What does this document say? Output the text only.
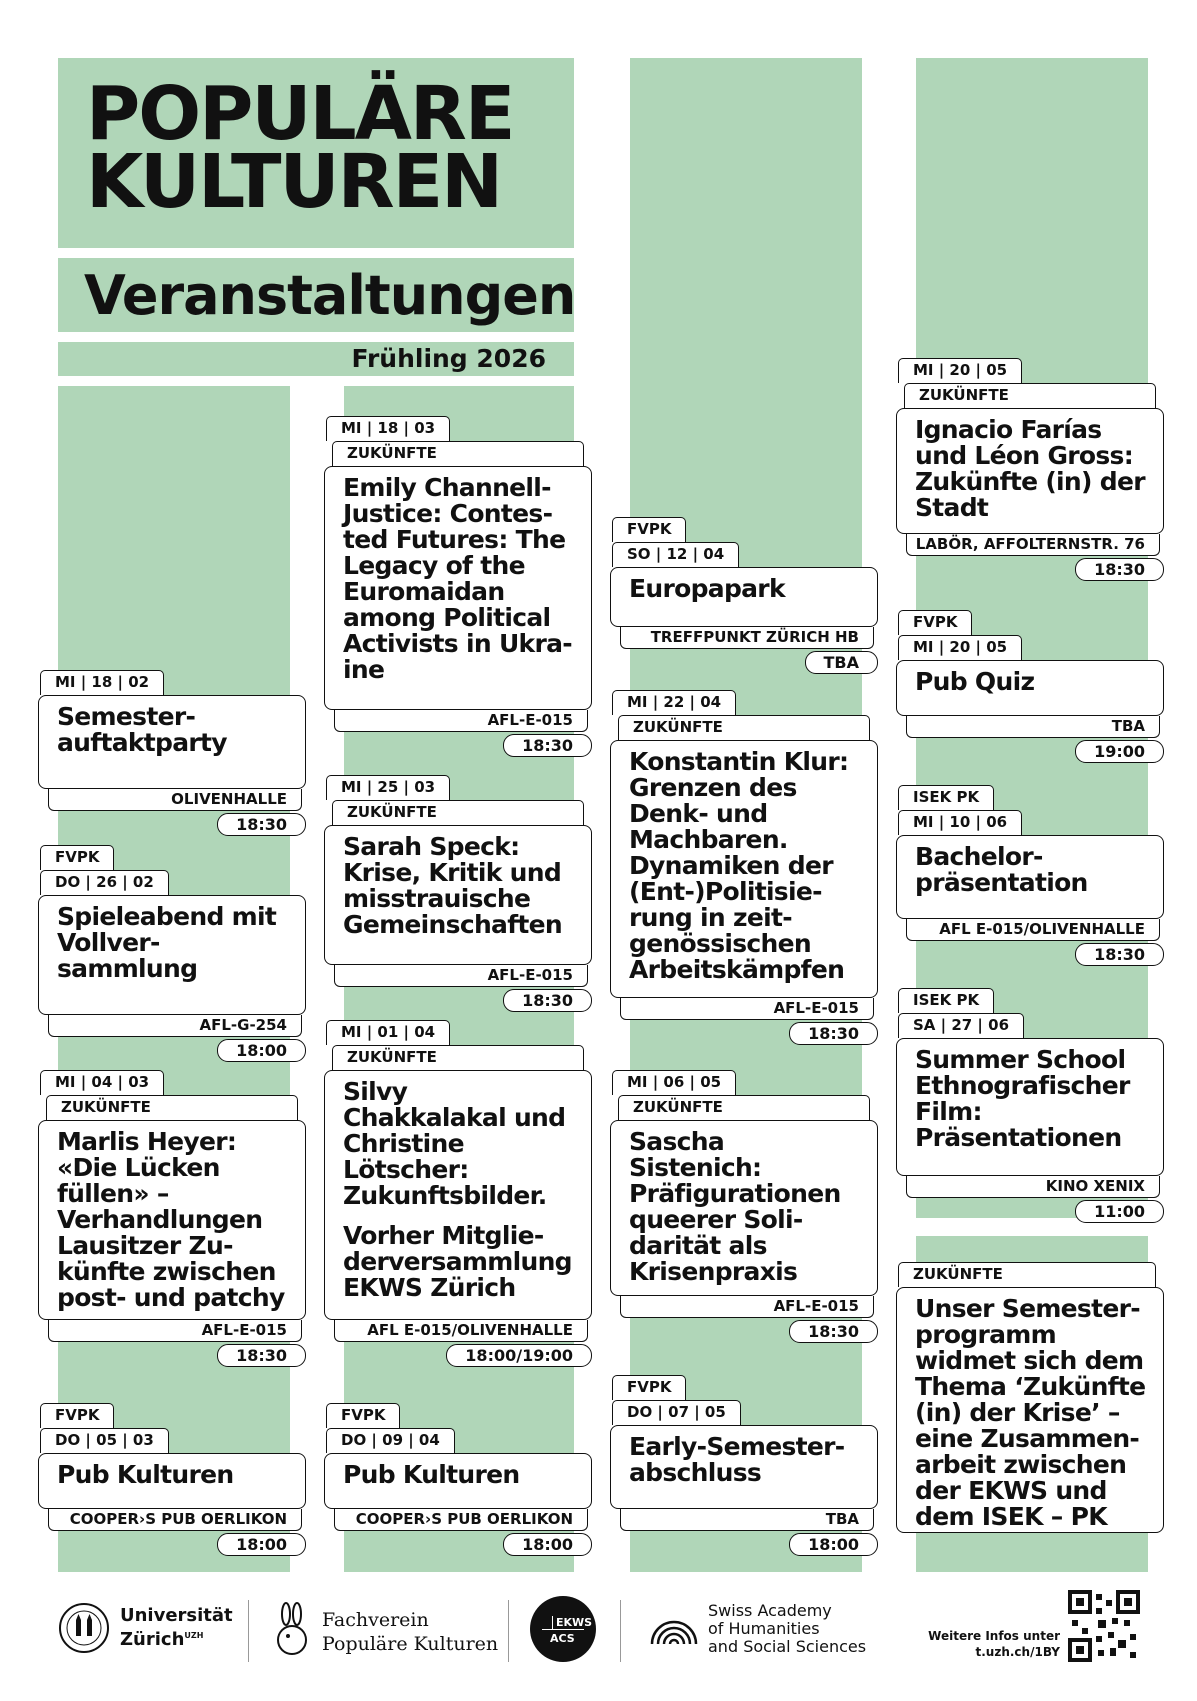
POPULÄRE
KULTUREN
Veranstaltungen
Frühling 2026
MI | 18 | 02
Semester-auftaktparty
OLIVENHALLE
18:30
FVPK
DO | 26 | 02
Spieleabend mit Vollver-sammlung
AFL-G-254
18:00
MI | 04 | 03
ZUKÜNFTE
Marlis Heyer: «Die Lücken füllen» – Verhandlungen Lausitzer Zu-künfte zwischen post- und patchy
AFL-E-015
18:30
FVPK
DO | 05 | 03
Pub Kulturen
COOPER›S PUB OERLIKON
18:00
MI | 18 | 03
ZUKÜNFTE
Emily Channell-Justice: Contes-ted Futures: The Legacy of the Euromaidan among Political Activists in Ukra-ine
AFL-E-015
18:30
MI | 25 | 03
ZUKÜNFTE
Sarah Speck: Krise, Kritik und misstrauische Gemeinschaften
AFL-E-015
18:30
MI | 01 | 04
ZUKÜNFTE
Silvy Chakkalakal und Christine Lötscher: Zukunftsbilder.
Vorher Mitglie-derversammlung EKWS Zürich
AFL E-015/OLIVENHALLE
18:00/19:00
FVPK
DO | 09 | 04
Pub Kulturen
COOPER›S PUB OERLIKON
18:00
FVPK
SO | 12 | 04
Europapark
TREFFPUNKT ZÜRICH HB
TBA
MI | 22 | 04
ZUKÜNFTE
Konstantin Klur: Grenzen des Denk- und Machbaren. Dynamiken der (Ent-)Politisie-rung in zeit-genössischen Arbeitskämpfen
AFL-E-015
18:30
MI | 06 | 05
ZUKÜNFTE
Sascha Sistenich: Präfigurationen queerer Soli-darität als Krisenpraxis
AFL-E-015
18:30
FVPK
DO | 07 | 05
Early-Semester-abschluss
TBA
18:00
MI | 20 | 05
ZUKÜNFTE
Ignacio Farías und Léon Gross: Zukünfte (in) der Stadt
LABÖR, AFFOLTERNSTR. 76
18:30
FVPK
MI | 20 | 05
Pub Quiz
TBA
19:00
ISEK PK
MI | 10 | 06
Bachelor-präsentation
AFL E-015/OLIVENHALLE
18:30
ISEK PK
SA | 27 | 06
Summer School Ethnografischer Film: Präsentationen
KINO XENIX
11:00
ZUKÜNFTE
Unser Semester-programm widmet sich dem Thema ‘Zukünfte (in) der Krise’ – eine Zusammen-arbeit zwischen der EKWS und dem ISEK – PK
Universität
Zürich$^{UZH}$
Fachverein
Populäre Kulturen
EKWS
ACS
Swiss Academy
of Humanities
and Social Sciences
Weitere Infos unter
t.uzh.ch/1BY
